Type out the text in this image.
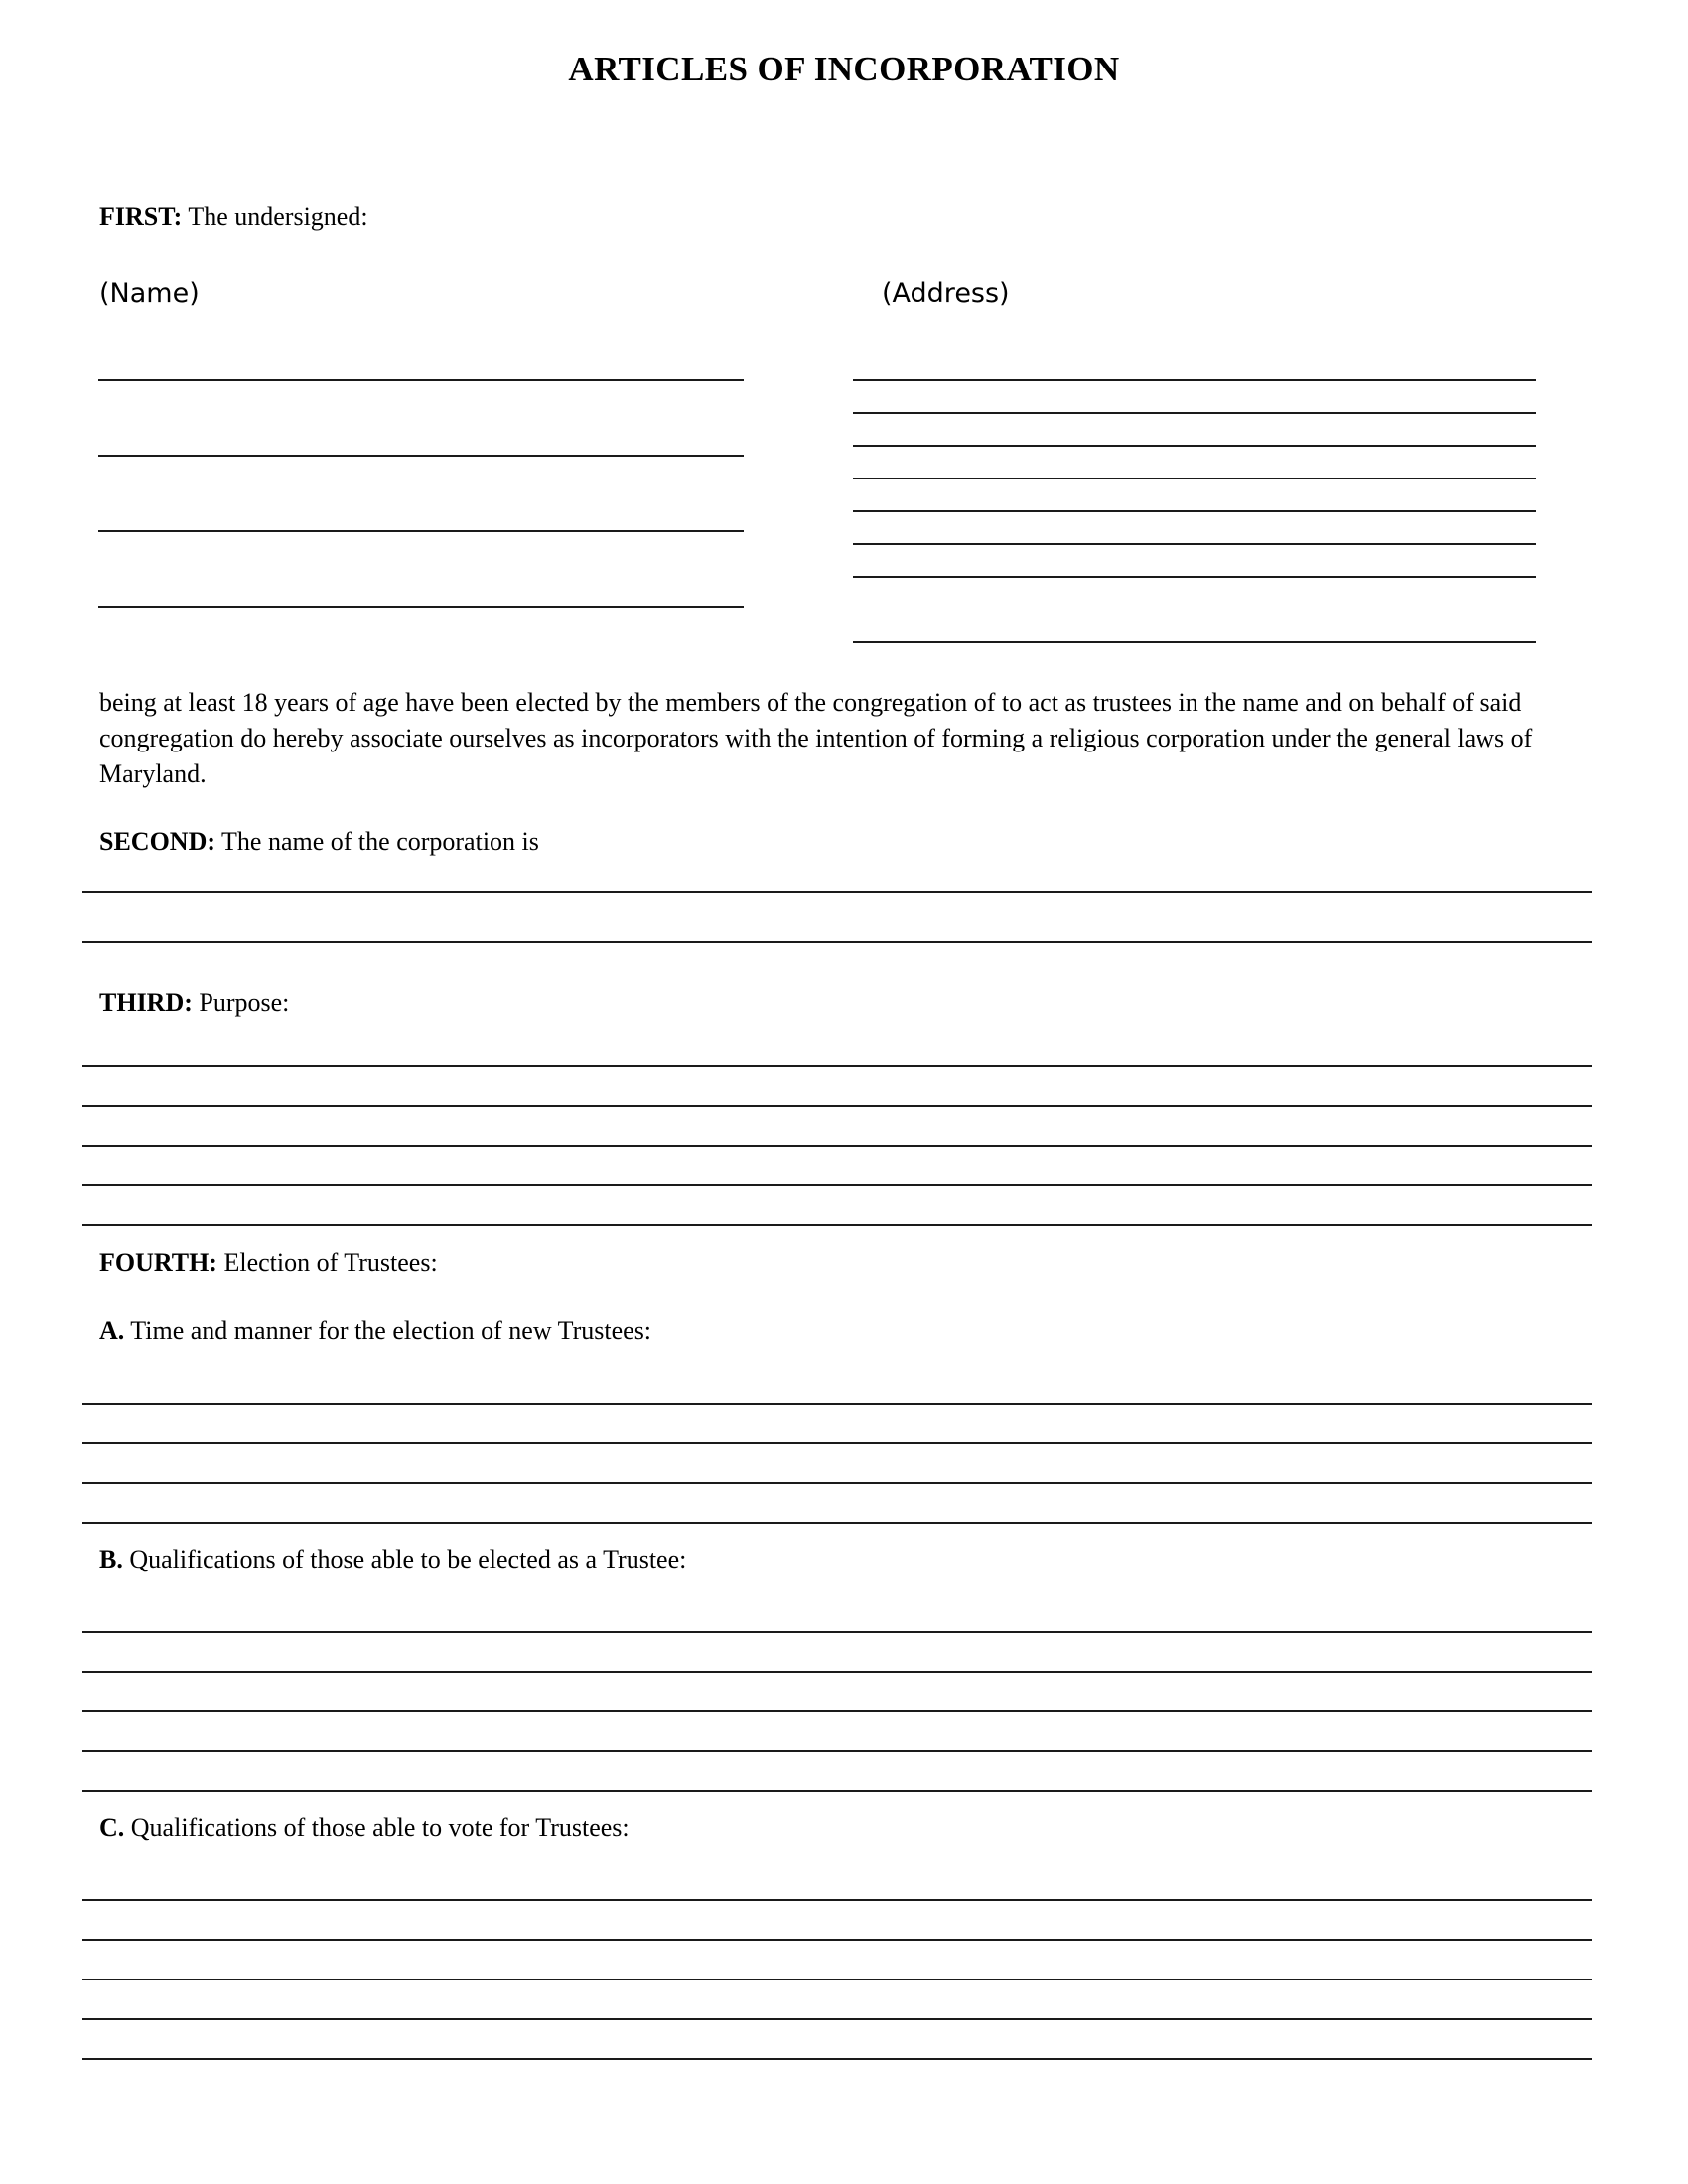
ARTICLES OF INCORPORATION
FIRST: The undersigned:
(Name)	(Address)
being at least 18 years of age have been elected by the members of the congregation of to act as trustees in the name and on behalf of said congregation do hereby associate ourselves as incorporators with the intention of forming a religious corporation under the general laws of Maryland.
SECOND: The name of the corporation is
THIRD: Purpose:
FOURTH: Election of Trustees:
A. Time and manner for the election of new Trustees:
B. Qualifications of those able to be elected as a Trustee:
C. Qualifications of those able to vote for Trustees:
